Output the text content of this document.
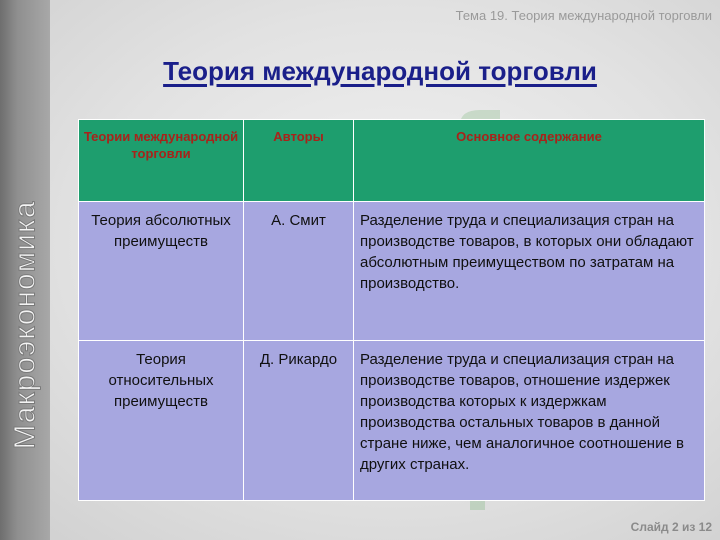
Макроэкономика
Тема 19. Теория международной торговли
Теория международной торговли
Теории международной торговли	Авторы	Основное содержание
Теория абсолютных преимуществ	А. Смит	Разделение труда и специализация стран на производстве товаров, в которых они обладают абсолютным преимуществом по затратам на производство.
Теория относительных преимуществ	Д. Рикардо	Разделение труда и специализация стран на производстве товаров, отношение издержек производства которых к издержкам производства остальных товаров в данной стране ниже, чем аналогичное соотношение в других странах.
Слайд 2 из 12
